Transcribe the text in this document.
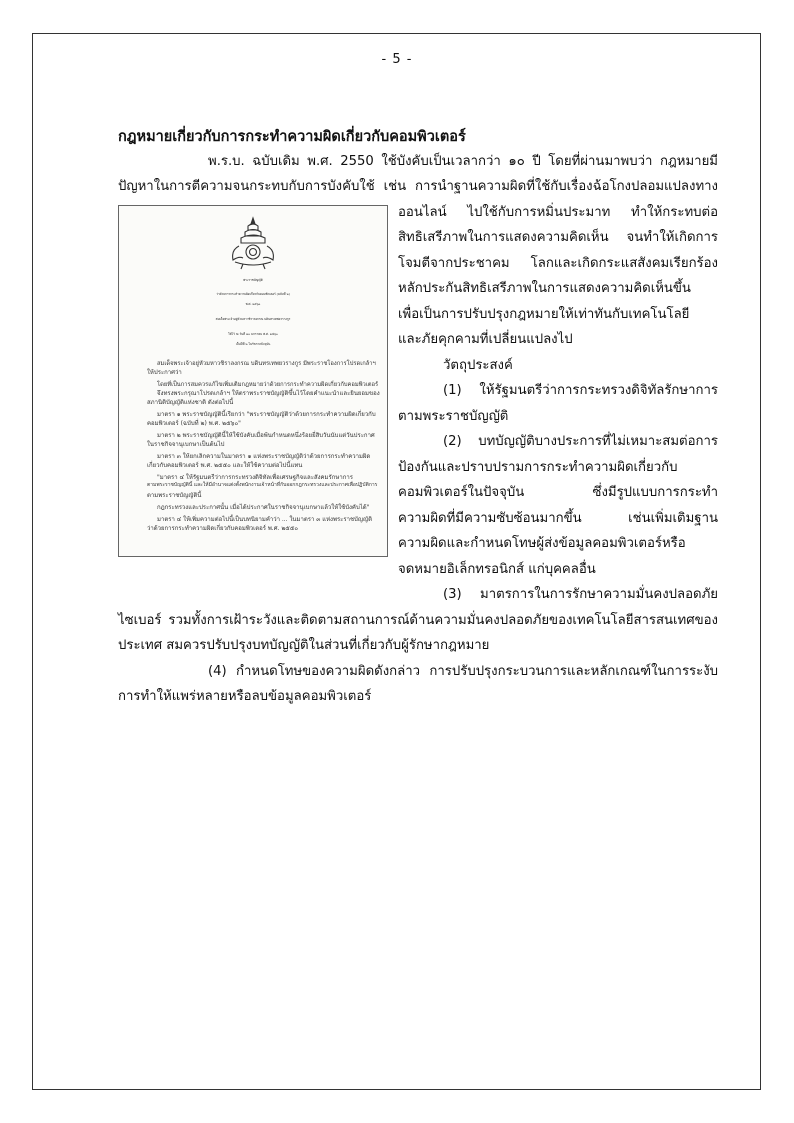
- 5 -
กฎหมายเกี่ยวกับการกระทำความผิดเกี่ยวกับคอมพิวเตอร์
พระราชบัญญัติ
ว่าด้วยการกระทำความผิดเกี่ยวกับคอมพิวเตอร์ (ฉบับที่ ๒)
พ.ศ. ๒๕๖๐
สมเด็จพระเจ้าอยู่หัวมหาวชิราลงกรณ บดินทรเทพยวรางกูร
ให้ไว้ ณ วันที่ ๒๓ มกราคม พ.ศ. ๒๕๖๐
เป็นปีที่ ๒ ในรัชกาลปัจจุบัน
สมเด็จพระเจ้าอยู่หัวมหาวชิราลงกรณ บดินทรเทพยวรางกูร มีพระราชโองการโปรดเกล้าฯ
ให้ประกาศว่า
โดยที่เป็นการสมควรแก้ไขเพิ่มเติมกฎหมายว่าด้วยการกระทำความผิดเกี่ยวกับคอมพิวเตอร์
จึงทรงพระกรุณาโปรดเกล้าฯ ให้ตราพระราชบัญญัติขึ้นไว้โดยคำแนะนำและยินยอมของ
สภานิติบัญญัติแห่งชาติ ดังต่อไปนี้
มาตรา ๑ พระราชบัญญัตินี้เรียกว่า "พระราชบัญญัติว่าด้วยการกระทำความผิดเกี่ยวกับ
คอมพิวเตอร์ (ฉบับที่ ๒) พ.ศ. ๒๕๖๐"
มาตรา ๒ พระราชบัญญัตินี้ให้ใช้บังคับเมื่อพ้นกำหนดหนึ่งร้อยยี่สิบวันนับแต่วันประกาศ
ในราชกิจจานุเบกษาเป็นต้นไป
มาตรา ๓ ให้ยกเลิกความในมาตรา ๑ แห่งพระราชบัญญัติว่าด้วยการกระทำความผิด
เกี่ยวกับคอมพิวเตอร์ พ.ศ. ๒๕๕๐ และให้ใช้ความต่อไปนี้แทน
"มาตรา ๔ ให้รัฐมนตรีว่าการกระทรวงดิจิทัลเพื่อเศรษฐกิจและสังคมรักษาการ
ตามพระราชบัญญัตินี้ และให้มีอำนาจแต่งตั้งพนักงานเจ้าหน้าที่กับออกกฎกระทรวงและประกาศเพื่อปฏิบัติการ
ตามพระราชบัญญัตินี้
กฎกระทรวงและประกาศนั้น เมื่อได้ประกาศในราชกิจจานุเบกษาแล้วให้ใช้บังคับได้"
มาตรา ๔ ให้เพิ่มความต่อไปนี้เป็นบทนิยามคำว่า ... ในมาตรา ๓ แห่งพระราชบัญญัติ
ว่าด้วยการกระทำความผิดเกี่ยวกับคอมพิวเตอร์ พ.ศ. ๒๕๕๐
พ.ร.บ. ฉบับเดิม พ.ศ. 2550 ใช้บังคับเป็นเวลากว่า ๑๐ ปี โดยที่ผ่านมาพบว่า กฎหมายมี
ปัญหาในการตีความจนกระทบกับการบังคับใช้ เช่น การนำฐานความผิดที่ใช้กับเรื่องฉ้อโกงปลอมแปลงทาง
ออนไลน์ ไปใช้กับการหมิ่นประมาท ทำให้กระทบต่อ
สิทธิเสรีภาพในการแสดงความคิดเห็น จนทำให้เกิดการ
โจมตีจากประชาคม โลกและเกิดกระแสสังคมเรียกร้อง
หลักประกันสิทธิเสรีภาพในการแสดงความคิดเห็นขึ้น
เพื่อเป็นการปรับปรุงกฎหมายให้เท่าทันกับเทคโนโลยี
และภัยคุกคามที่เปลี่ยนแปลงไป
วัตถุประสงค์
(1) ให้รัฐมนตรีว่าการกระทรวงดิจิทัลรักษาการ
ตามพระราชบัญญัติ
(2) บทบัญญัติบางประการที่ไม่เหมาะสมต่อการ
ป้องกันและปราบปรามการกระทำความผิดเกี่ยวกับ
คอมพิวเตอร์ในปัจจุบัน ซึ่งมีรูปแบบการกระทำ
ความผิดที่มีความซับซ้อนมากขึ้น เช่นเพิ่มเติมฐาน
ความผิดและกำหนดโทษผู้ส่งข้อมูลคอมพิวเตอร์หรือ
จดหมายอิเล็กทรอนิกส์ แก่บุคคลอื่น
(3) มาตรการในการรักษาความมั่นคงปลอดภัย
ไซเบอร์ รวมทั้งการเฝ้าระวังและติดตามสถานการณ์ด้านความมั่นคงปลอดภัยของเทคโนโลยีสารสนเทศของ
ประเทศ สมควรปรับปรุงบทบัญญัติในส่วนที่เกี่ยวกับผู้รักษากฎหมาย
(4) กำหนดโทษของความผิดดังกล่าว การปรับปรุงกระบวนการและหลักเกณฑ์ในการระงับ
การทำให้แพร่หลายหรือลบข้อมูลคอมพิวเตอร์
